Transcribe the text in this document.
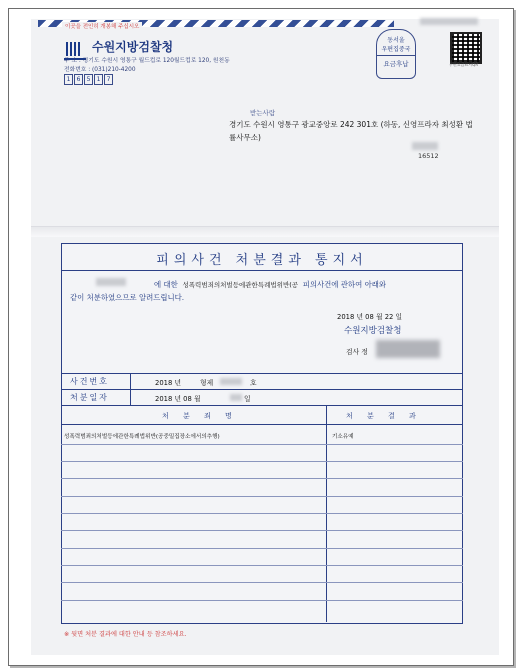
이곳을 전인히 개봉해 주십시오
수원지방검찰청
주 소 : 경기도 수원시 영통구 월드컵로 120월드컵로 120, 원천동
전화번호 : (031)210-4200
1	6	5	1	7
동서울
우편집중국
요금후납	우편요금표시QR
받는사람
경기도 수원시 영통구 광교중앙로 242 301호 (하동, 신영프라자 최성환 법률사무소)
16512
피의사건 처분결과 통지서
에 대한 성폭력범죄의처벌등에관한특례법위반(공 피의사건에 관하여 아래와
같이 처분하였으므로 알려드립니다.
2018 년 08 월 22 일
수원지방검찰청
검사 정
사건번호	2018 년	형제	호
처분일자	2018 년 08 월	일
처 분 죄 명	처 분 결 과
성폭력범죄의처벌등에관한특례법위반(공중밀집장소에서의추행)	기소유예
※ 뒷면 처분 결과에 대한 안내 등 참조하세요.
